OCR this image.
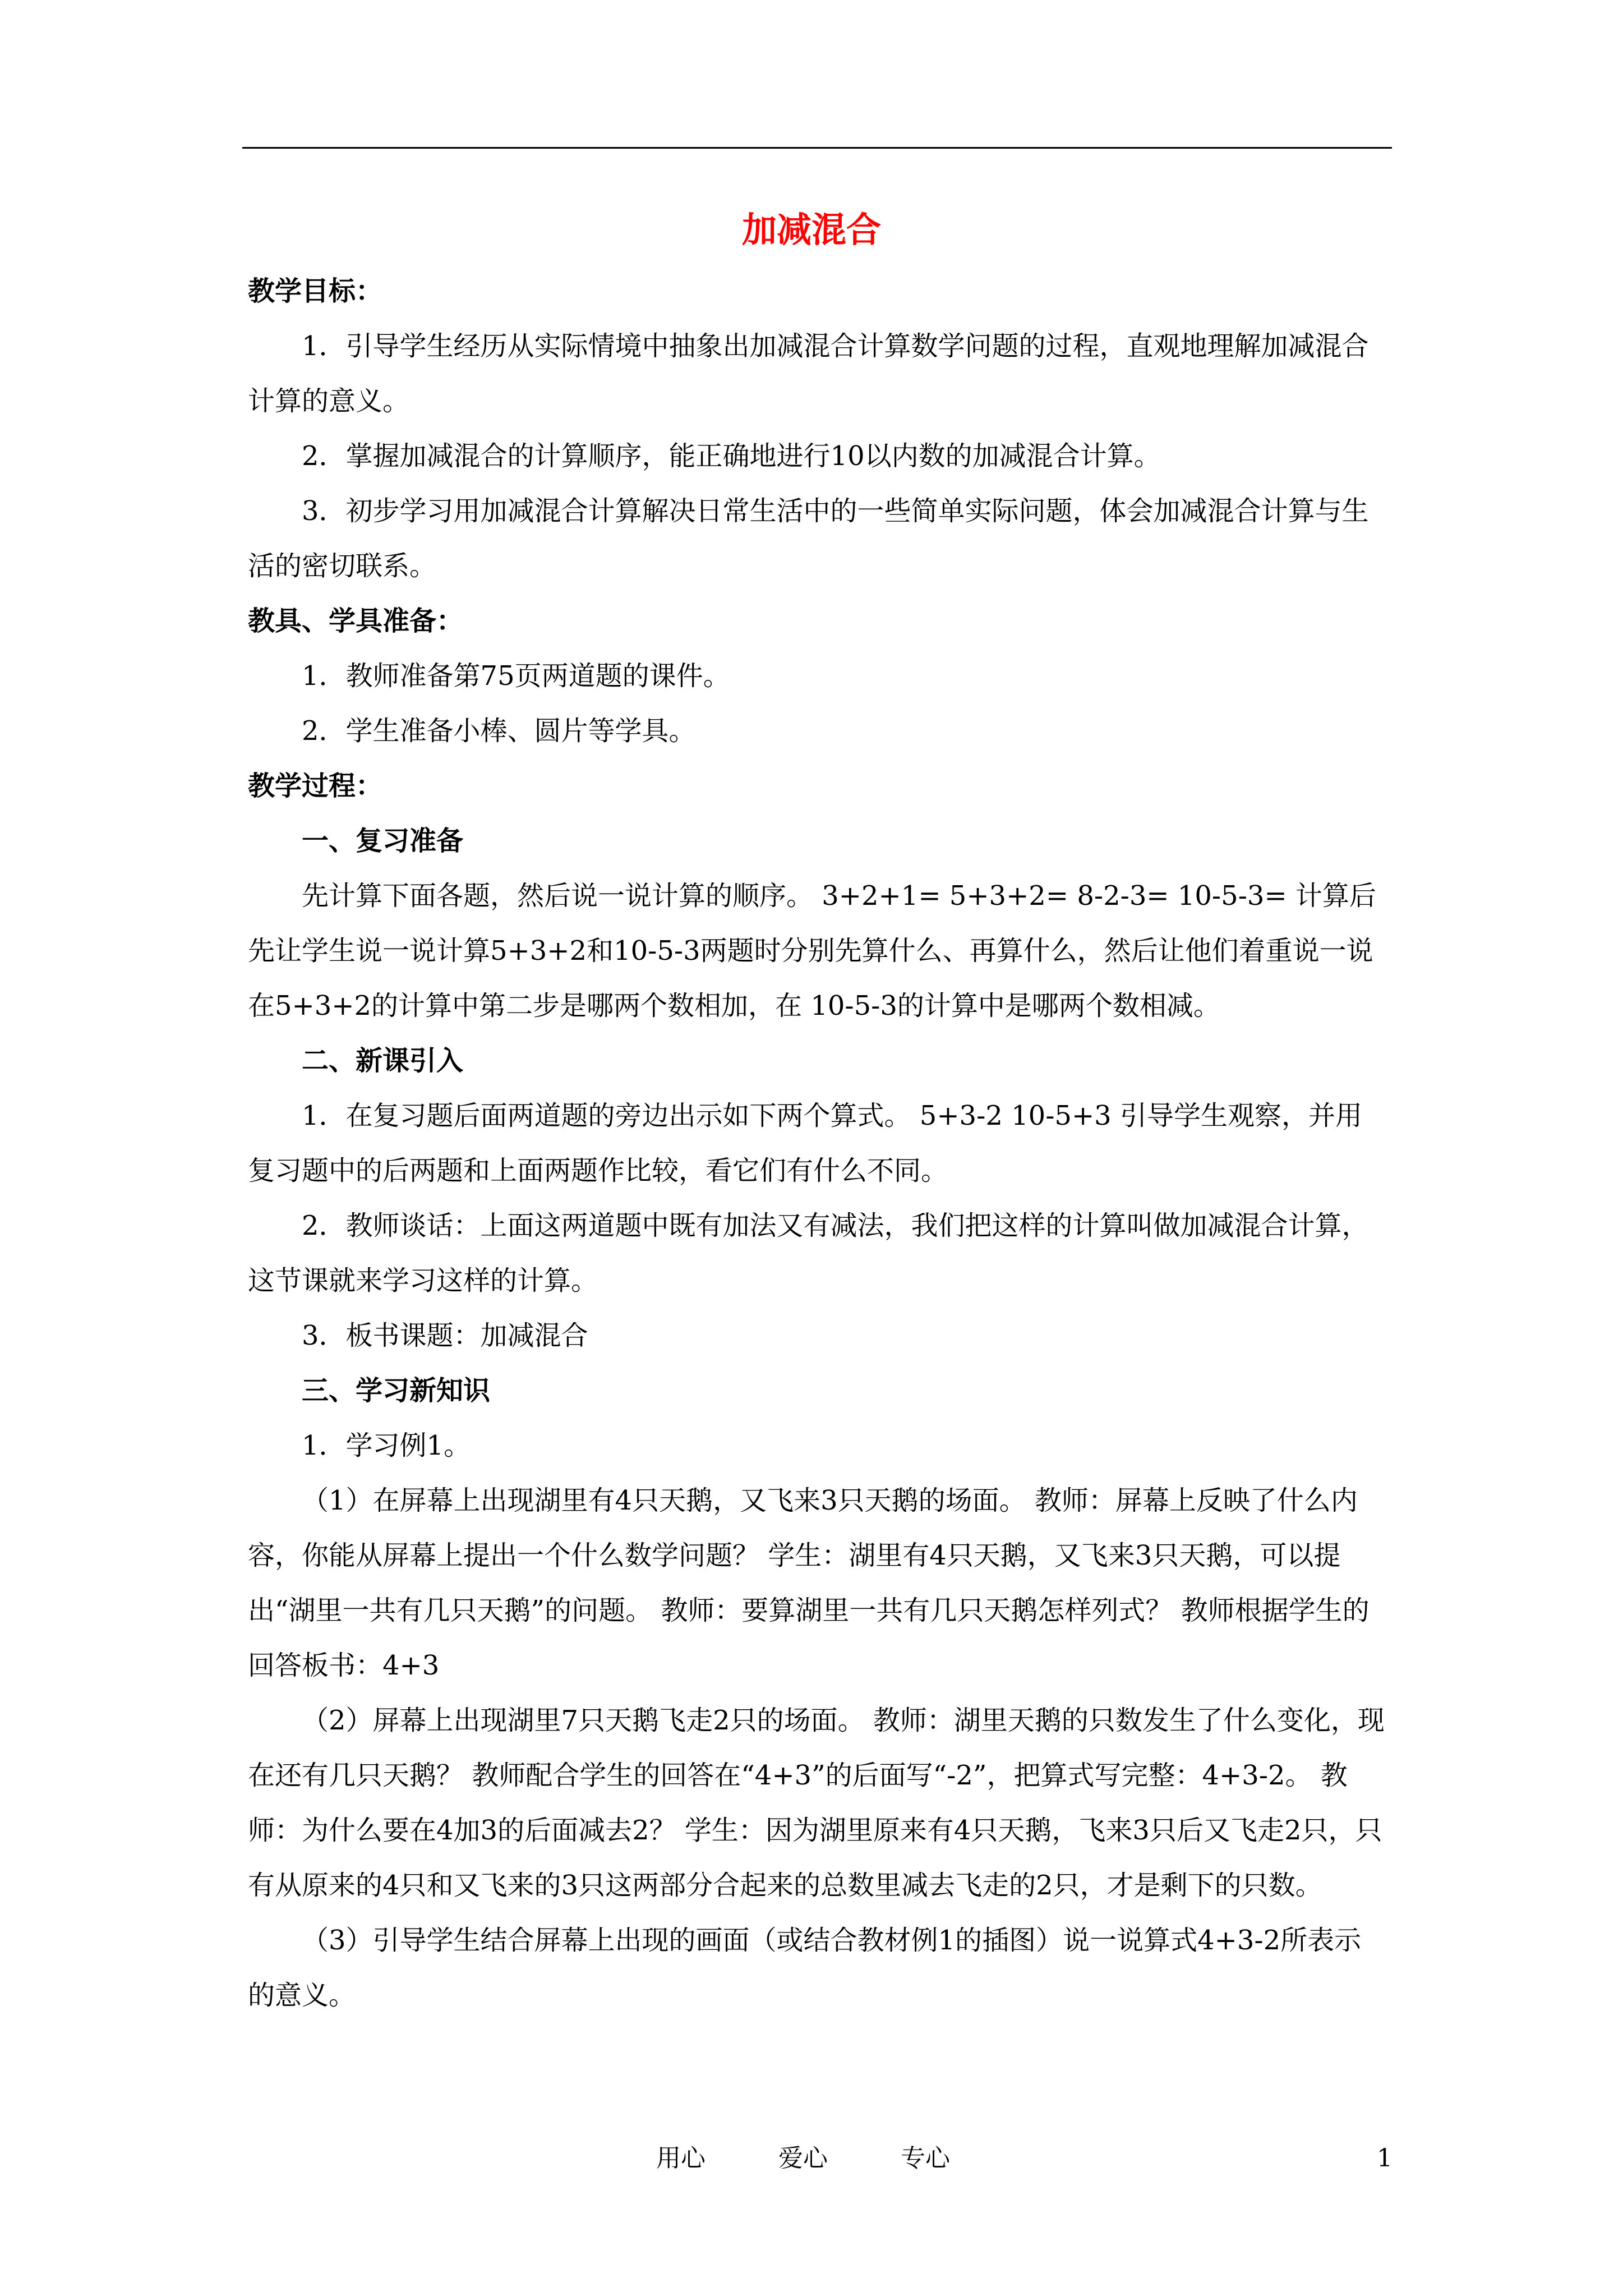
加减混合

教学目标：

1．引导学生经历从实际情境中抽象出加减混合计算数学问题的过程，直观地理解加减混合计算的意义。

2．掌握加减混合的计算顺序，能正确地进行10以内数的加减混合计算。

3．初步学习用加减混合计算解决日常生活中的一些简单实际问题，体会加减混合计算与生活的密切联系。

教具、学具准备：

1．教师准备第75页两道题的课件。

2．学生准备小棒、圆片等学具。

教学过程：

一、复习准备

先计算下面各题，然后说一说计算的顺序。 3+2+1= 5+3+2= 8-2-3= 10-5-3= 计算后先让学生说一说计算5+3+2和10-5-3两题时分别先算什么、再算什么，然后让他们着重说一说在5+3+2的计算中第二步是哪两个数相加，在 10-5-3的计算中是哪两个数相减。

二、新课引入

1．在复习题后面两道题的旁边出示如下两个算式。 5+3-2 10-5+3 引导学生观察，并用复习题中的后两题和上面两题作比较，看它们有什么不同。

2．教师谈话：上面这两道题中既有加法又有减法，我们把这样的计算叫做加减混合计算，这节课就来学习这样的计算。

3．板书课题：加减混合

三、学习新知识

1．学习例1。

（1）在屏幕上出现湖里有4只天鹅，又飞来3只天鹅的场面。 教师：屏幕上反映了什么内容，你能从屏幕上提出一个什么数学问题？ 学生：湖里有4只天鹅，又飞来3只天鹅，可以提出“湖里一共有几只天鹅”的问题。 教师：要算湖里一共有几只天鹅怎样列式？ 教师根据学生的回答板书：4+3

（2）屏幕上出现湖里7只天鹅飞走2只的场面。 教师：湖里天鹅的只数发生了什么变化，现在还有几只天鹅？ 教师配合学生的回答在“4+3”的后面写“-2”，把算式写完整：4+3-2。 教师：为什么要在4加3的后面减去2？ 学生：因为湖里原来有4只天鹅，飞来3只后又飞走2只，只有从原来的4只和又飞来的3只这两部分合起来的总数里减去飞走的2只，才是剩下的只数。

（3）引导学生结合屏幕上出现的画面（或结合教材例1的插图）说一说算式4+3-2所表示的意义。

用心	爱心	专心	1
